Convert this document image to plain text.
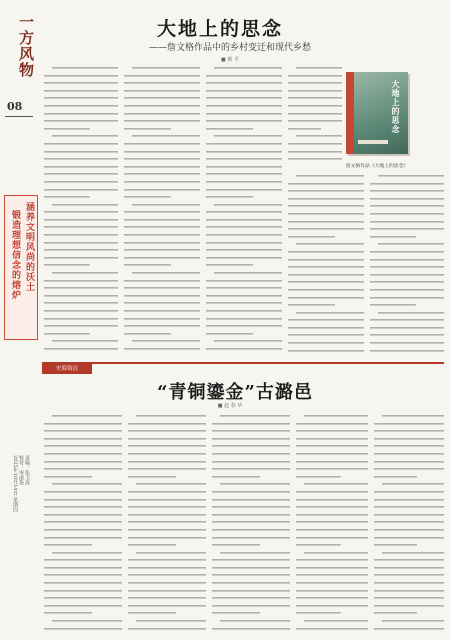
一方风物
08
涵养文明风尚的沃土
锻造理想信念的熔炉
责编：张卫涛
校对：岑淑艳
2025年10月14日 星期四
大地上的思念
——詹文格作品中的乡村变迁和现代乡愁
■ 蔡 平
大地上的思念
詹文格作品《大地上的思念》
史海钩沉
“青铜鎏金”古潞邑
■ 赵 春 华
